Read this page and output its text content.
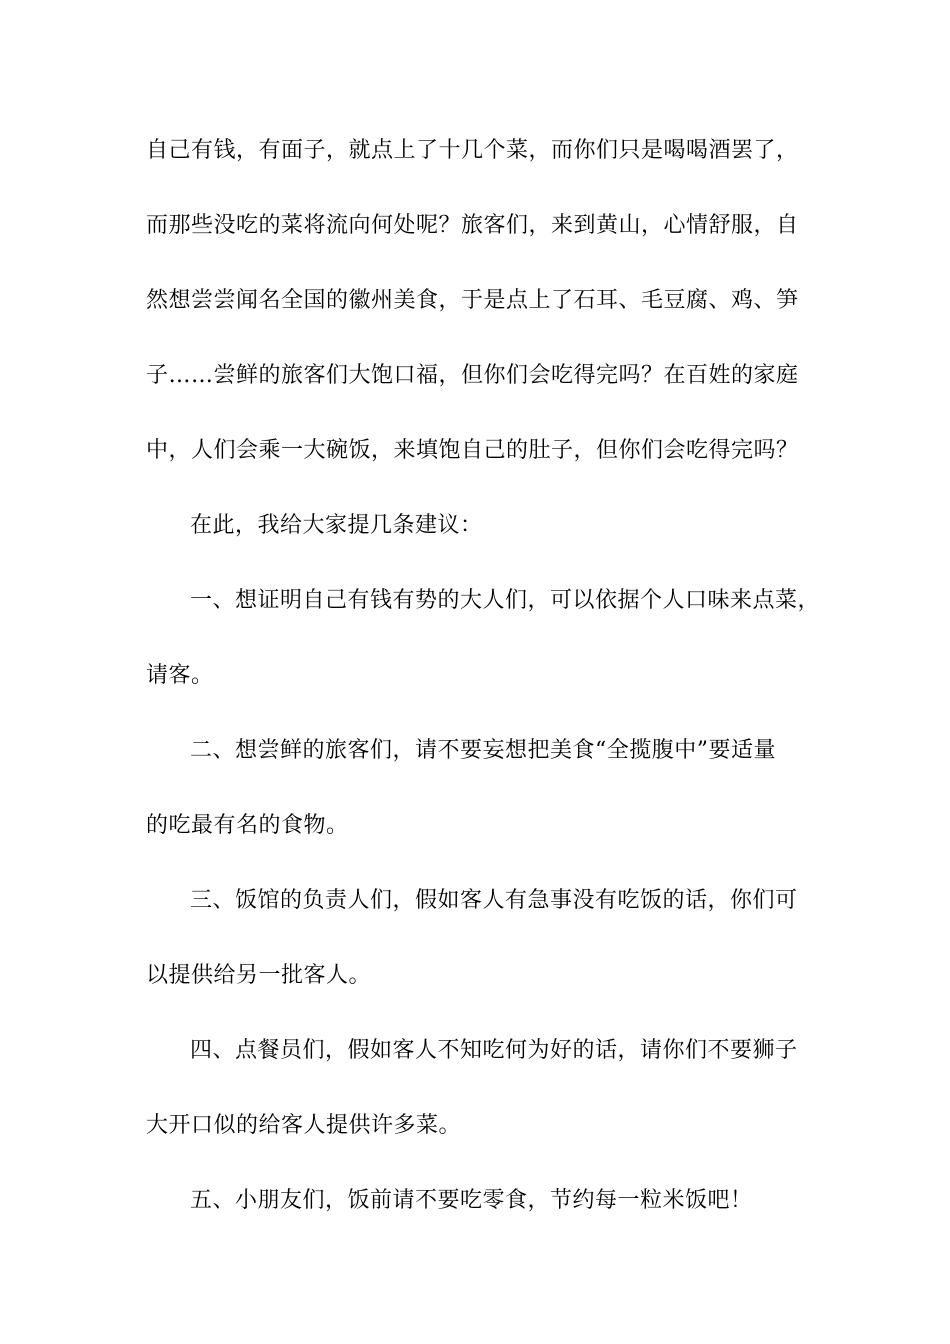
自己有钱，有面子，就点上了十几个菜，而你们只是喝喝酒罢了，
而那些没吃的菜将流向何处呢？旅客们，来到黄山，心情舒服，自
然想尝尝闻名全国的徽州美食，于是点上了石耳、毛豆腐、鸡、笋
子……尝鲜的旅客们大饱口福，但你们会吃得完吗？在百姓的家庭
中，人们会乘一大碗饭，来填饱自己的肚子，但你们会吃得完吗？
在此，我给大家提几条建议：
一、想证明自己有钱有势的大人们，可以依据个人口味来点菜，
请客。
二、想尝鲜的旅客们，请不要妄想把美食“全揽腹中”要适量
的吃最有名的食物。
三、饭馆的负责人们，假如客人有急事没有吃饭的话，你们可
以提供给另一批客人。
四、点餐员们，假如客人不知吃何为好的话，请你们不要狮子
大开口似的给客人提供许多菜。
五、小朋友们，饭前请不要吃零食，节约每一粒米饭吧！
